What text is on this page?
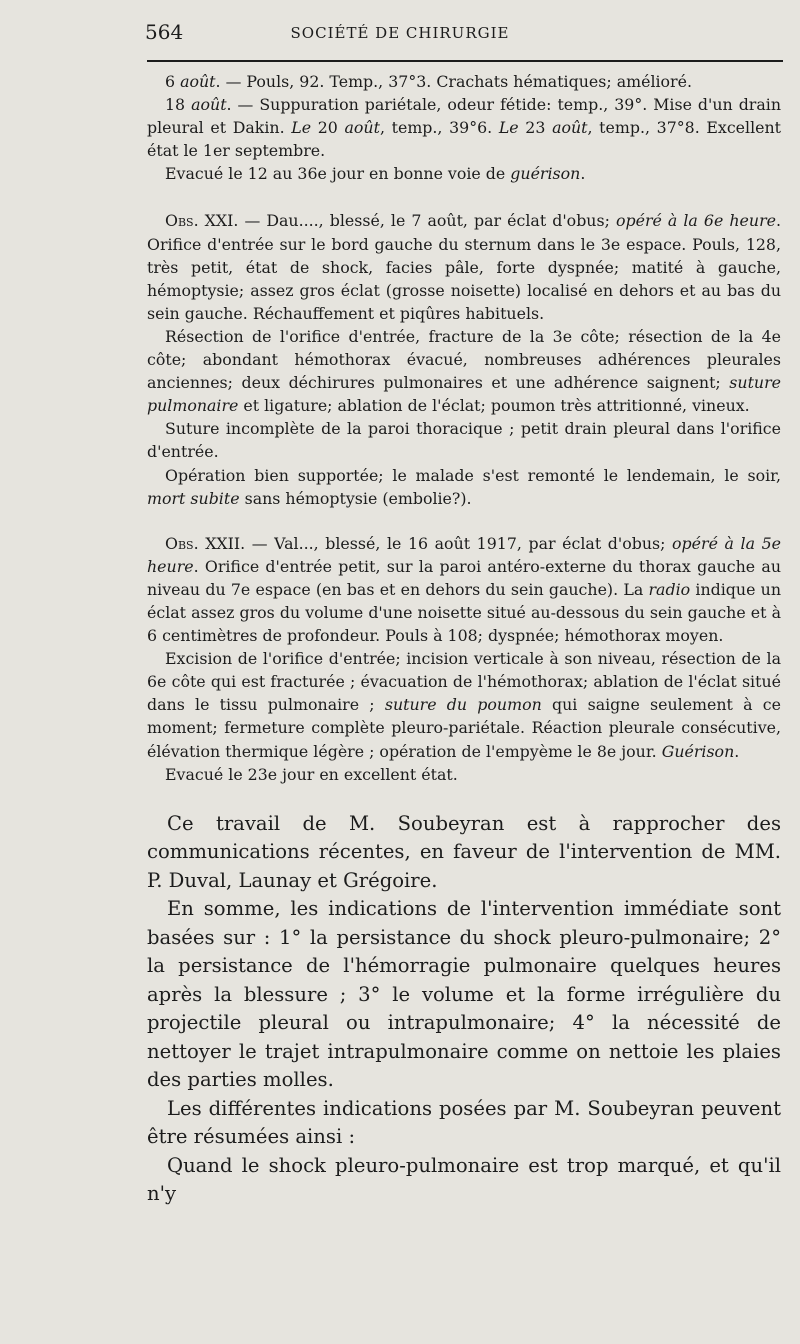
564	SOCIÉTÉ DE CHIRURGIE

6 août. — Pouls, 92. Temp., 37°3. Crachats hématiques; amélioré.

18 août. — Suppuration pariétale, odeur fétide: temp., 39°. Mise d'un drain pleural et Dakin. Le 20 août, temp., 39°6. Le 23 août, temp., 37°8. Excellent état le 1er septembre.

Evacué le 12 au 36e jour en bonne voie de guérison.

Obs. XXI. — Dau...., blessé, le 7 août, par éclat d'obus; opéré à la 6e heure. Orifice d'entrée sur le bord gauche du sternum dans le 3e espace. Pouls, 128, très petit, état de shock, facies pâle, forte dyspnée; matité à gauche, hémoptysie; assez gros éclat (grosse noisette) localisé en dehors et au bas du sein gauche. Réchauffement et piqûres habituels.

Résection de l'orifice d'entrée, fracture de la 3e côte; résection de la 4e côte; abondant hémothorax évacué, nombreuses adhérences pleurales anciennes; deux déchirures pulmonaires et une adhérence saignent; suture pulmonaire et ligature; ablation de l'éclat; poumon très attritionné, vineux.

Suture incomplète de la paroi thoracique ; petit drain pleural dans l'orifice d'entrée.

Opération bien supportée; le malade s'est remonté le lendemain, le soir, mort subite sans hémoptysie (embolie?).

Obs. XXII. — Val..., blessé, le 16 août 1917, par éclat d'obus; opéré à la 5e heure. Orifice d'entrée petit, sur la paroi antéro-externe du thorax gauche au niveau du 7e espace (en bas et en dehors du sein gauche). La radio indique un éclat assez gros du volume d'une noisette situé au-dessous du sein gauche et à 6 centimètres de profondeur. Pouls à 108; dyspnée; hémothorax moyen.

Excision de l'orifice d'entrée; incision verticale à son niveau, résection de la 6e côte qui est fracturée ; évacuation de l'hémothorax; ablation de l'éclat situé dans le tissu pulmonaire ; suture du poumon qui saigne seulement à ce moment; fermeture complète pleuro-pariétale. Réaction pleurale consécutive, élévation thermique légère ; opération de l'empyème le 8e jour. Guérison.

Evacué le 23e jour en excellent état.

Ce travail de M. Soubeyran est à rapprocher des communications récentes, en faveur de l'intervention de MM. P. Duval, Launay et Grégoire.

En somme, les indications de l'intervention immédiate sont basées sur : 1° la persistance du shock pleuro-pulmonaire; 2° la persistance de l'hémorragie pulmonaire quelques heures après la blessure ; 3° le volume et la forme irrégulière du projectile pleural ou intrapulmonaire; 4° la nécessité de nettoyer le trajet intrapulmonaire comme on nettoie les plaies des parties molles.

Les différentes indications posées par M. Soubeyran peuvent être résumées ainsi :

Quand le shock pleuro-pulmonaire est trop marqué, et qu'il n'y
